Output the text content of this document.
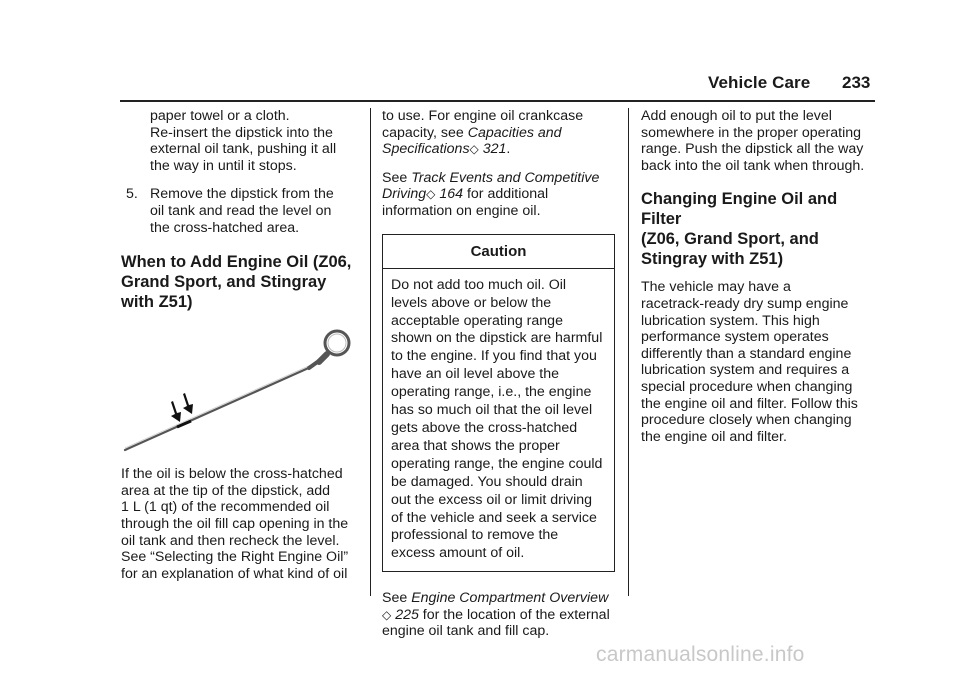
Vehicle Care 233

paper towel or a cloth.
Re-insert the dipstick into the
external oil tank, pushing it all
the way in until it stops.

5. Remove the dipstick from the
oil tank and read the level on
the cross-hatched area.
When to Add Engine Oil (Z06,
Grand Sport, and Stingray
with Z51)

If the oil is below the cross-hatched
area at the tip of the dipstick, add
1 L (1 qt) of the recommended oil
through the oil fill cap opening in the
oil tank and then recheck the level.
See “Selecting the Right Engine Oil”
for an explanation of what kind of oil

to use. For engine oil crankcase
capacity, see Capacities and
Specifications◇ 321.

See Track Events and Competitive
Driving◇ 164 for additional
information on engine oil.

Caution
Do not add too much oil. Oil
levels above or below the
acceptable operating range
shown on the dipstick are harmful
to the engine. If you find that you
have an oil level above the
operating range, i.e., the engine
has so much oil that the oil level
gets above the cross-hatched
area that shows the proper
operating range, the engine could
be damaged. You should drain
out the excess oil or limit driving
of the vehicle and seek a service
professional to remove the
excess amount of oil.

See Engine Compartment Overview
◇ 225 for the location of the external
engine oil tank and fill cap.

Add enough oil to put the level
somewhere in the proper operating
range. Push the dipstick all the way
back into the oil tank when through.

Changing Engine Oil and Filter
(Z06, Grand Sport, and
Stingray with Z51)

The vehicle may have a
racetrack-ready dry sump engine
lubrication system. This high
performance system operates
differently than a standard engine
lubrication system and requires a
special procedure when changing
the engine oil and filter. Follow this
procedure closely when changing
the engine oil and filter.

carmanualsonline.info
